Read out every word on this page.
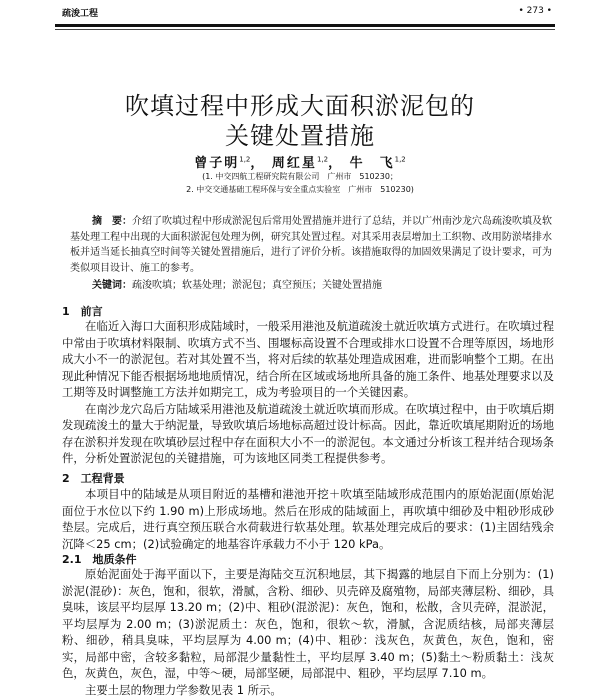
疏浚工程	• 273 •
吹填过程中形成大面积淤泥包的
关键处置措施
曾子明$^{1,2}$， 周红星$^{1,2}$， 牛　飞$^{1,2}$
(1. 中交四航工程研究院有限公司　广州市　510230；
2. 中交交通基础工程环保与安全重点实验室　广州市　510230)

摘　要：介绍了吹填过程中形成淤泥包后常用处置措施并进行了总结，并以广州南沙龙穴岛疏浚吹填及软基处理工程中出现的大面积淤泥包处理为例，研究其处置过程。对其采用表层增加土工织物、改用防淤堵排水板并适当延长抽真空时间等关键处置措施后，进行了评价分析。该措施取得的加固效果满足了设计要求，可为类似项目设计、施工的参考。

关键词：疏浚吹填；软基处理；淤泥包；真空预压；关键处置措施

1　前言

在临近入海口大面积形成陆域时，一般采用港池及航道疏浚土就近吹填方式进行。在吹填过程中常由于吹填材料限制、吹填方式不当、围堰标高设置不合理或排水口设置不合理等原因，场地形成大小不一的淤泥包。若对其处置不当，将对后续的软基处理造成困难，进而影响整个工期。在出现此种情况下能否根据场地地质情况，结合所在区域或场地所具备的施工条件、地基处理要求以及工期等及时调整施工方法并如期完工，成为考验项目的一个关键因素。

在南沙龙穴岛后方陆域采用港池及航道疏浚土就近吹填而形成。在吹填过程中，由于吹填后期发现疏浚土的量大于纳泥量，导致吹填后场地标高超过设计标高。因此，靠近吹填尾期附近的场地存在淤积并发现在吹填砂层过程中存在面积大小不一的淤泥包。本文通过分析该工程并结合现场条件，分析处置淤泥包的关键措施，可为该地区同类工程提供参考。

2　工程背景

本项目中的陆域是从项目附近的基槽和港池开挖＋吹填至陆域形成范围内的原始泥面(原始泥面位于水位以下约 1.90 m)上形成场地。然后在形成的陆域面上，再吹填中细砂及中粗砂形成砂垫层。完成后，进行真空预压联合水荷载进行软基处理。软基处理完成后的要求：(1)主固结残余沉降＜25 cm；(2)试验确定的地基容许承载力不小于 120 kPa。

2.1　地质条件

原始泥面处于海平面以下，主要是海陆交互沉积地层，其下揭露的地层自下而上分别为：(1)淤泥(混砂)：灰色，饱和，很软，滑腻，含粉、细砂、贝壳碎及腐殖物，局部夹薄层粉、细砂，具臭味，该层平均层厚 13.20 m；(2)中、粗砂(混淤泥)：灰色，饱和，松散，含贝壳碎，混淤泥，平均层厚为 2.00 m；(3)淤泥质土：灰色，饱和，很软～软，滑腻，含泥质结核，局部夹薄层粉、细砂，稍具臭味，平均层厚为 4.00 m；(4)中、粗砂：浅灰色，灰黄色，灰色，饱和，密实，局部中密，含较多黏粒，局部混少量黏性土，平均层厚 3.40 m；(5)黏土～粉质黏土：浅灰色，灰黄色，灰色，湿，中等～硬，局部坚硬，局部混中、粗砂，平均层厚 7.10 m。

主要土层的物理力学参数见表 1 所示。
